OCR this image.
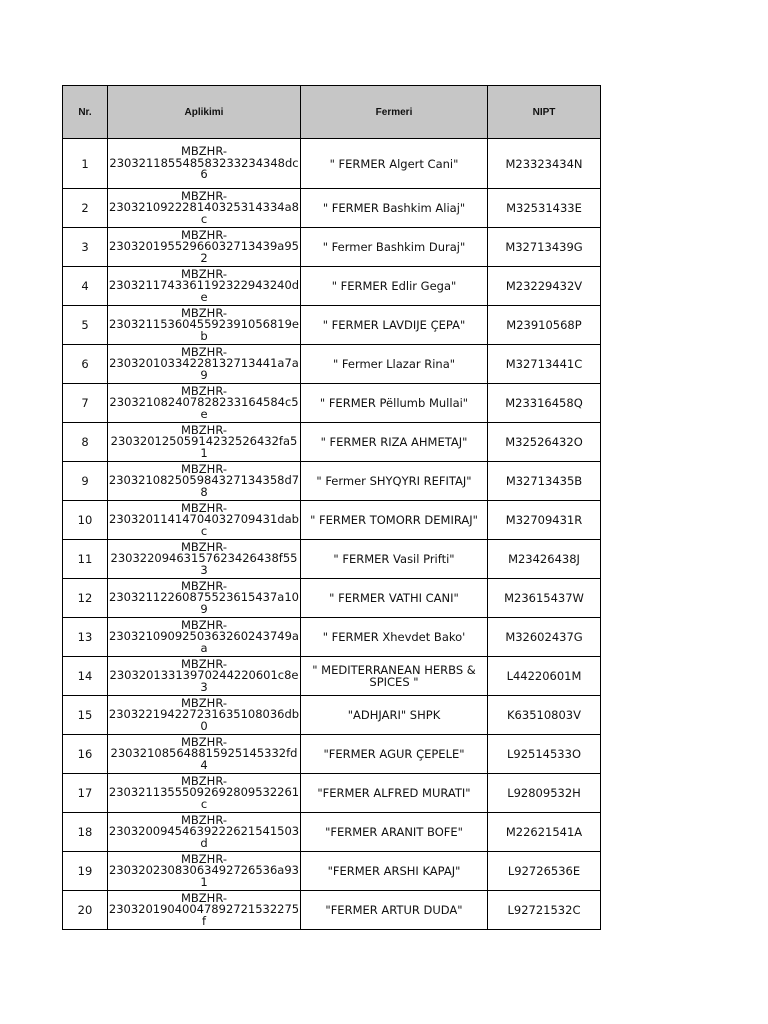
Nr.	Aplikimi	Fermeri	NIPT
1	MBZHR-
230321185548583233234348dc
6	" FERMER Algert Cani"	M23323434N
2	MBZHR-
230321092228140325314334a8
c	" FERMER Bashkim Aliaj"	M32531433E
3	MBZHR-
23032019552966032713439a95
2	" Fermer Bashkim Duraj"	M32713439G
4	MBZHR-
2303211743361192322943240d
e	" FERMER Edlir Gega"	M23229432V
5	MBZHR-
2303211536045592391056819e
b	" FERMER LAVDIJE ÇEPA"	M23910568P
6	MBZHR-
23032010334228132713441a7a
9	" Fermer Llazar Rina"	M32713441C
7	MBZHR-
230321082407828233164584c5
e	" FERMER Pëllumb Mullai"	M23316458Q
8	MBZHR-
23032012505914232526432fa51	" FERMER RIZA AHMETAJ"	M32526432O
9	MBZHR-
230321082505984327134358d7
8	" Fermer SHYQYRI REFITAJ"	M32713435B
10	MBZHR-
23032011414704032709431dab
c	" FERMER TOMORR DEMIRAJ"	M32709431R
11	MBZHR-
23032209463157623426438f553	" FERMER Vasil Prifti"	M23426438J
12	MBZHR-
23032112260875523615437a10
9	" FERMER VATHI CANI"	M23615437W
13	MBZHR-
2303210909250363260243749a
a	" FERMER Xhevdet Bako'	M32602437G
14	MBZHR-
23032013313970244220601c8e
3	" MEDITERRANEAN HERBS &
SPICES "	L44220601M
15	MBZHR-
230322194227231635108036db
0	"ADHJARI" SHPK	K63510803V
16	MBZHR-
230321085648815925145332fd4	"FERMER AGUR ÇEPELE"	L92514533O
17	MBZHR-
23032113555092692809532261
c	"FERMER ALFRED MURATI"	L92809532H
18	MBZHR-
23032009454639222621541503
d	"FERMER ARANIT BOFE"	M22621541A
19	MBZHR-
23032023083063492726536a93
1	"FERMER ARSHI KAPAJ"	L92726536E
20	MBZHR-
23032019040047892721532275f	"FERMER ARTUR DUDA"	L92721532C
